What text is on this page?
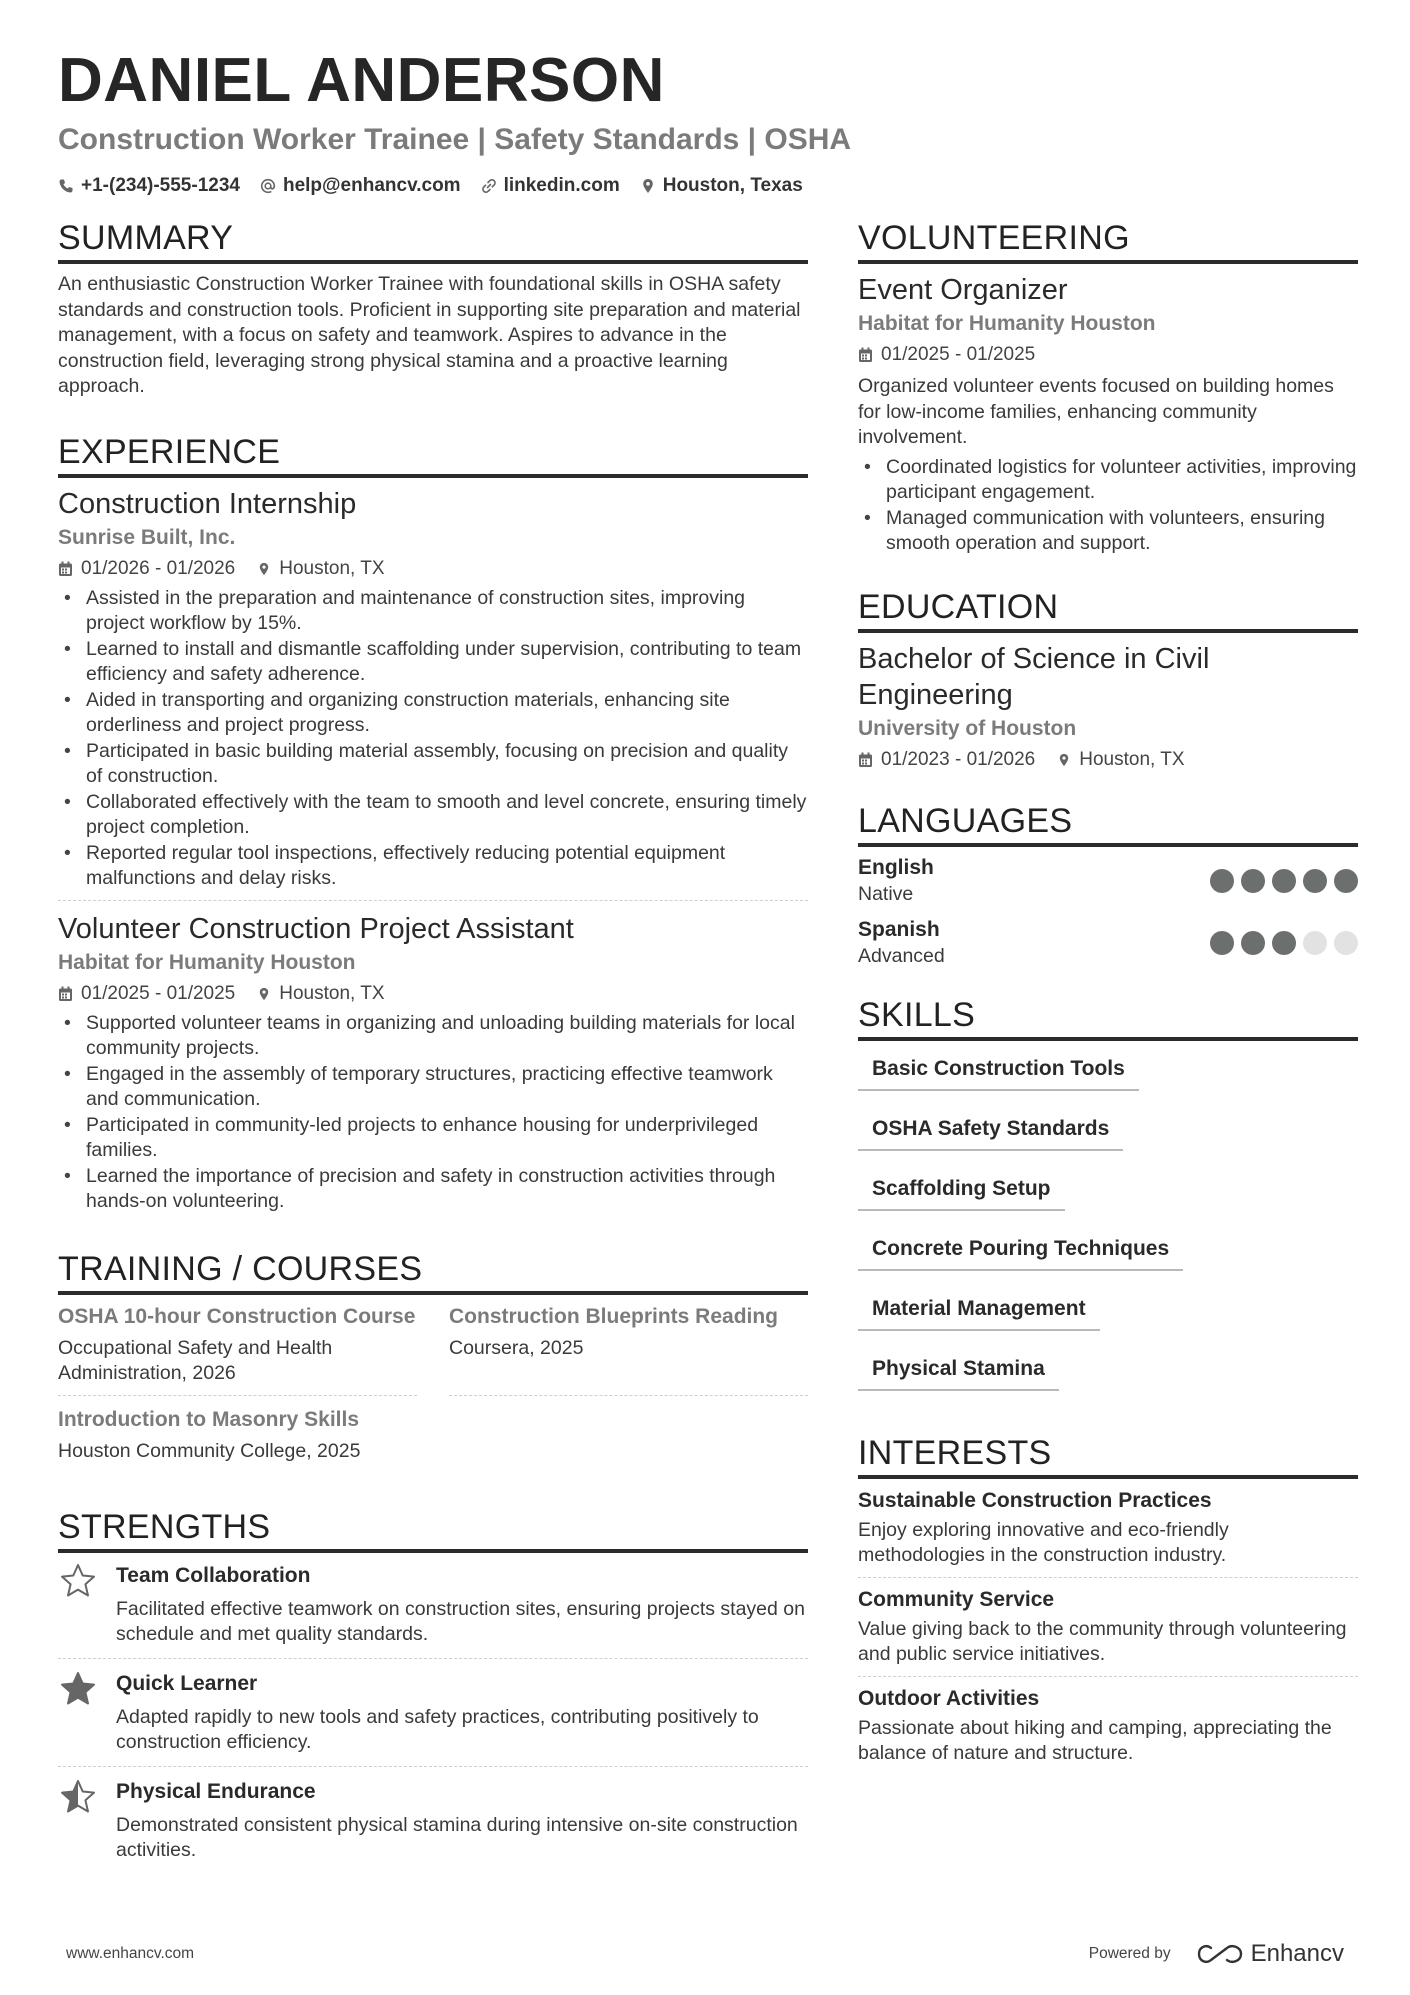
DANIEL ANDERSON
Construction Worker Trainee | Safety Standards | OSHA
+1-(234)-555-1234 help@enhancv.com linkedin.com Houston, Texas
SUMMARY
An enthusiastic Construction Worker Trainee with foundational skills in OSHA safety standards and construction tools. Proficient in supporting site preparation and material management, with a focus on safety and teamwork. Aspires to advance in the construction field, leveraging strong physical stamina and a proactive learning approach.
EXPERIENCE
Construction Internship
Sunrise Built, Inc.
01/2026 - 01/2026 Houston, TX
• Assisted in the preparation and maintenance of construction sites, improving project workflow by 15%.
• Learned to install and dismantle scaffolding under supervision, contributing to team efficiency and safety adherence.
• Aided in transporting and organizing construction materials, enhancing site orderliness and project progress.
• Participated in basic building material assembly, focusing on precision and quality of construction.
• Collaborated effectively with the team to smooth and level concrete, ensuring timely project completion.
• Reported regular tool inspections, effectively reducing potential equipment malfunctions and delay risks.
Volunteer Construction Project Assistant
Habitat for Humanity Houston
01/2025 - 01/2025 Houston, TX
• Supported volunteer teams in organizing and unloading building materials for local community projects.
• Engaged in the assembly of temporary structures, practicing effective teamwork and communication.
• Participated in community-led projects to enhance housing for underprivileged families.
• Learned the importance of precision and safety in construction activities through hands-on volunteering.
TRAINING / COURSES
OSHA 10-hour Construction Course
Occupational Safety and Health Administration, 2026
Construction Blueprints Reading
Coursera, 2025
Introduction to Masonry Skills
Houston Community College, 2025
STRENGTHS
Team Collaboration
Facilitated effective teamwork on construction sites, ensuring projects stayed on schedule and met quality standards.
Quick Learner
Adapted rapidly to new tools and safety practices, contributing positively to construction efficiency.
Physical Endurance
Demonstrated consistent physical stamina during intensive on-site construction activities.
VOLUNTEERING
Event Organizer
Habitat for Humanity Houston
01/2025 - 01/2025
Organized volunteer events focused on building homes for low-income families, enhancing community involvement.
• Coordinated logistics for volunteer activities, improving participant engagement.
• Managed communication with volunteers, ensuring smooth operation and support.
EDUCATION
Bachelor of Science in Civil Engineering
University of Houston
01/2023 - 01/2026 Houston, TX
LANGUAGES
English
Native
Spanish
Advanced
SKILLS
Basic Construction Tools
OSHA Safety Standards
Scaffolding Setup
Concrete Pouring Techniques
Material Management
Physical Stamina
INTERESTS
Sustainable Construction Practices
Enjoy exploring innovative and eco-friendly methodologies in the construction industry.
Community Service
Value giving back to the community through volunteering and public service initiatives.
Outdoor Activities
Passionate about hiking and camping, appreciating the balance of nature and structure.
www.enhancv.com	Powered by	Enhancv
